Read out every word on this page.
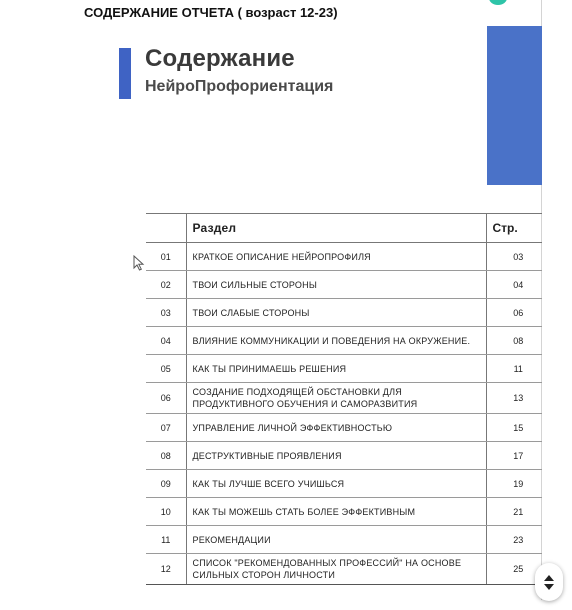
СОДЕРЖАНИЕ ОТЧЕТА ( возраст 12-23)
Содержание
НейроПрофориентация
	Раздел	Стр.
01	КРАТКОЕ ОПИСАНИЕ НЕЙРОПРОФИЛЯ	03
02	ТВОИ СИЛЬНЫЕ СТОРОНЫ	04
03	ТВОИ СЛАБЫЕ СТОРОНЫ	06
04	ВЛИЯНИЕ КОММУНИКАЦИИ И ПОВЕДЕНИЯ НА ОКРУЖЕНИЕ.	08
05	КАК ТЫ ПРИНИМАЕШЬ РЕШЕНИЯ	11
06	СОЗДАНИЕ ПОДХОДЯЩЕЙ ОБСТАНОВКИ ДЛЯ ПРОДУКТИВНОГО ОБУЧЕНИЯ И САМОРАЗВИТИЯ	13
07	УПРАВЛЕНИЕ ЛИЧНОЙ ЭФФЕКТИВНОСТЬЮ	15
08	ДЕСТРУКТИВНЫЕ ПРОЯВЛЕНИЯ	17
09	КАК ТЫ ЛУЧШЕ ВСЕГО УЧИШЬСЯ	19
10	КАК ТЫ МОЖЕШЬ СТАТЬ БОЛЕЕ ЭФФЕКТИВНЫМ	21
11	РЕКОМЕНДАЦИИ	23
12	СПИСОК "РЕКОМЕНДОВАННЫХ ПРОФЕССИЙ" НА ОСНОВЕ СИЛЬНЫХ СТОРОН ЛИЧНОСТИ	25
